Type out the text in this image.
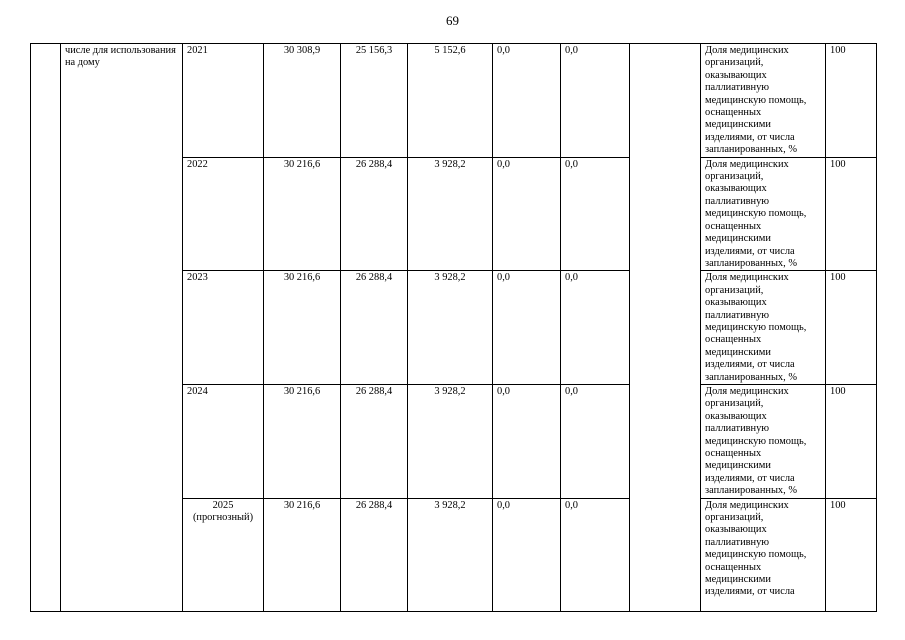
69
	числе для использования на дому	2021	30 308,9	25 156,3	5 152,6	0,0	0,0		Доля медицинских организаций, оказывающих паллиативную медицинскую помощь, оснащенных медицинскими изделиями, от числа запланированных, %	100
		2022	30 216,6	26 288,4	3 928,2	0,0	0,0		Доля медицинских организаций, оказывающих паллиативную медицинскую помощь, оснащенных медицинскими изделиями, от числа запланированных, %	100
		2023	30 216,6	26 288,4	3 928,2	0,0	0,0		Доля медицинских организаций, оказывающих паллиативную медицинскую помощь, оснащенных медицинскими изделиями, от числа запланированных, %	100
		2024	30 216,6	26 288,4	3 928,2	0,0	0,0		Доля медицинских организаций, оказывающих паллиативную медицинскую помощь, оснащенных медицинскими изделиями, от числа запланированных, %	100
		2025 (прогнозный)	30 216,6	26 288,4	3 928,2	0,0	0,0		Доля медицинских организаций, оказывающих паллиативную медицинскую помощь, оснащенных медицинскими изделиями, от числа	100
